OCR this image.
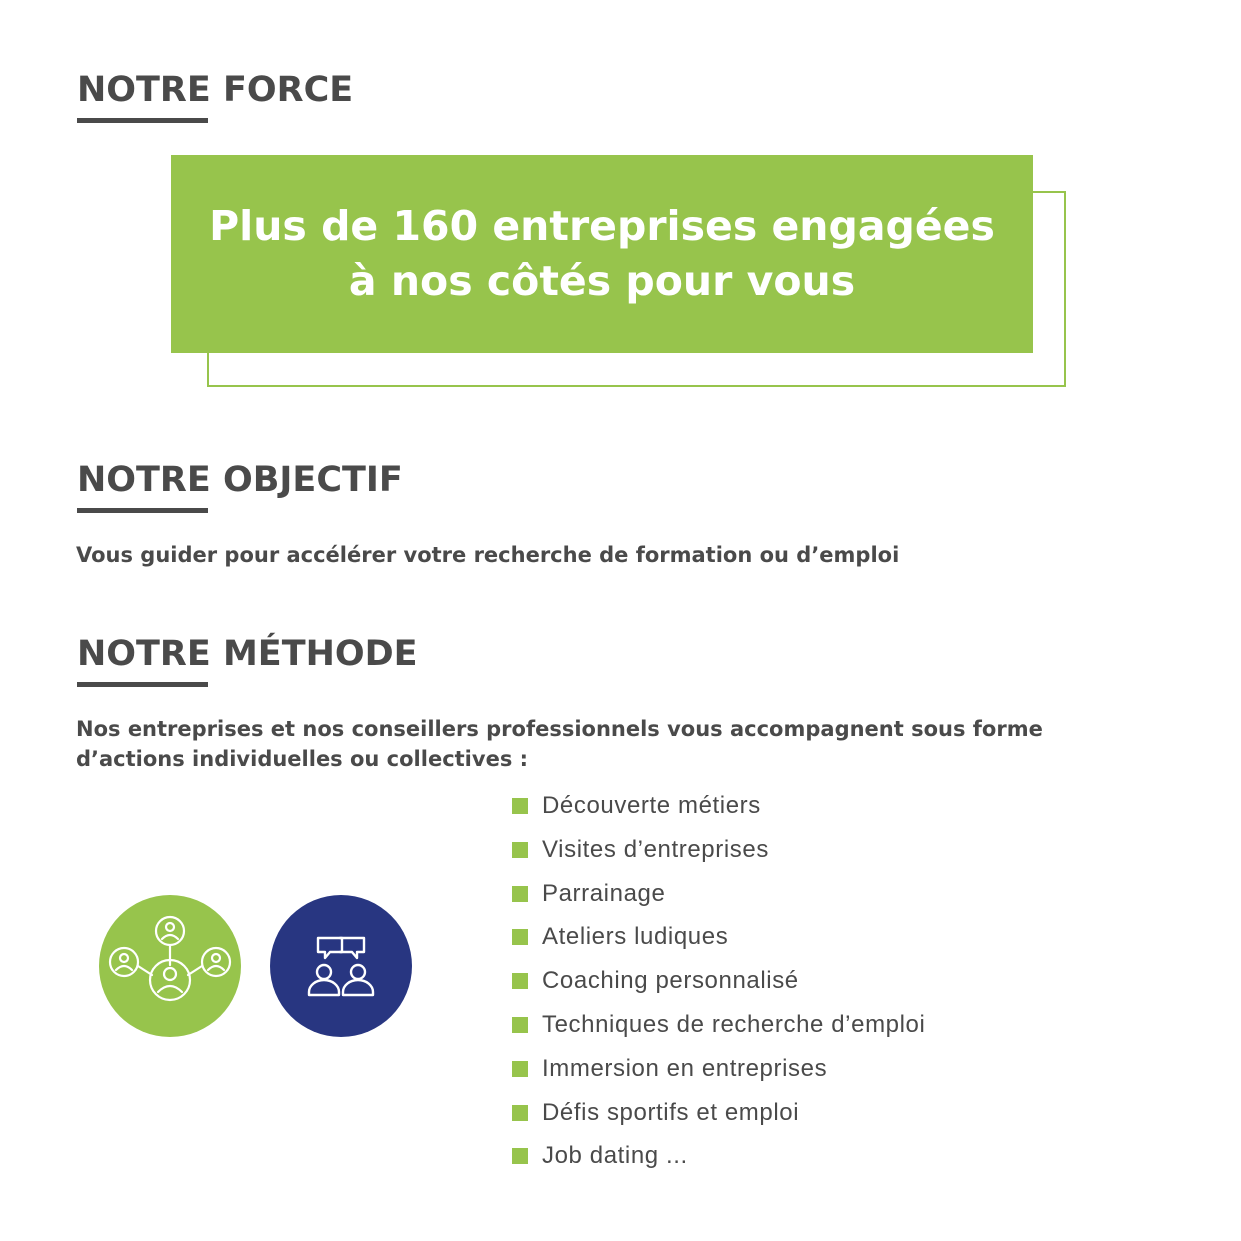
NOTRE FORCE

Plus de 160 entreprises engagées
à nos côtés pour vous

NOTRE OBJECTIF

Vous guider pour accélérer votre recherche de formation ou d’emploi

NOTRE MÉTHODE

Nos entreprises et nos conseillers professionnels vous accompagnent sous forme d’actions individuelles ou collectives :

Découverte métiers
Visites d’entreprises
Parrainage
Ateliers ludiques
Coaching personnalisé
Techniques de recherche d’emploi
Immersion en entreprises
Défis sportifs et emploi
Job dating ...
